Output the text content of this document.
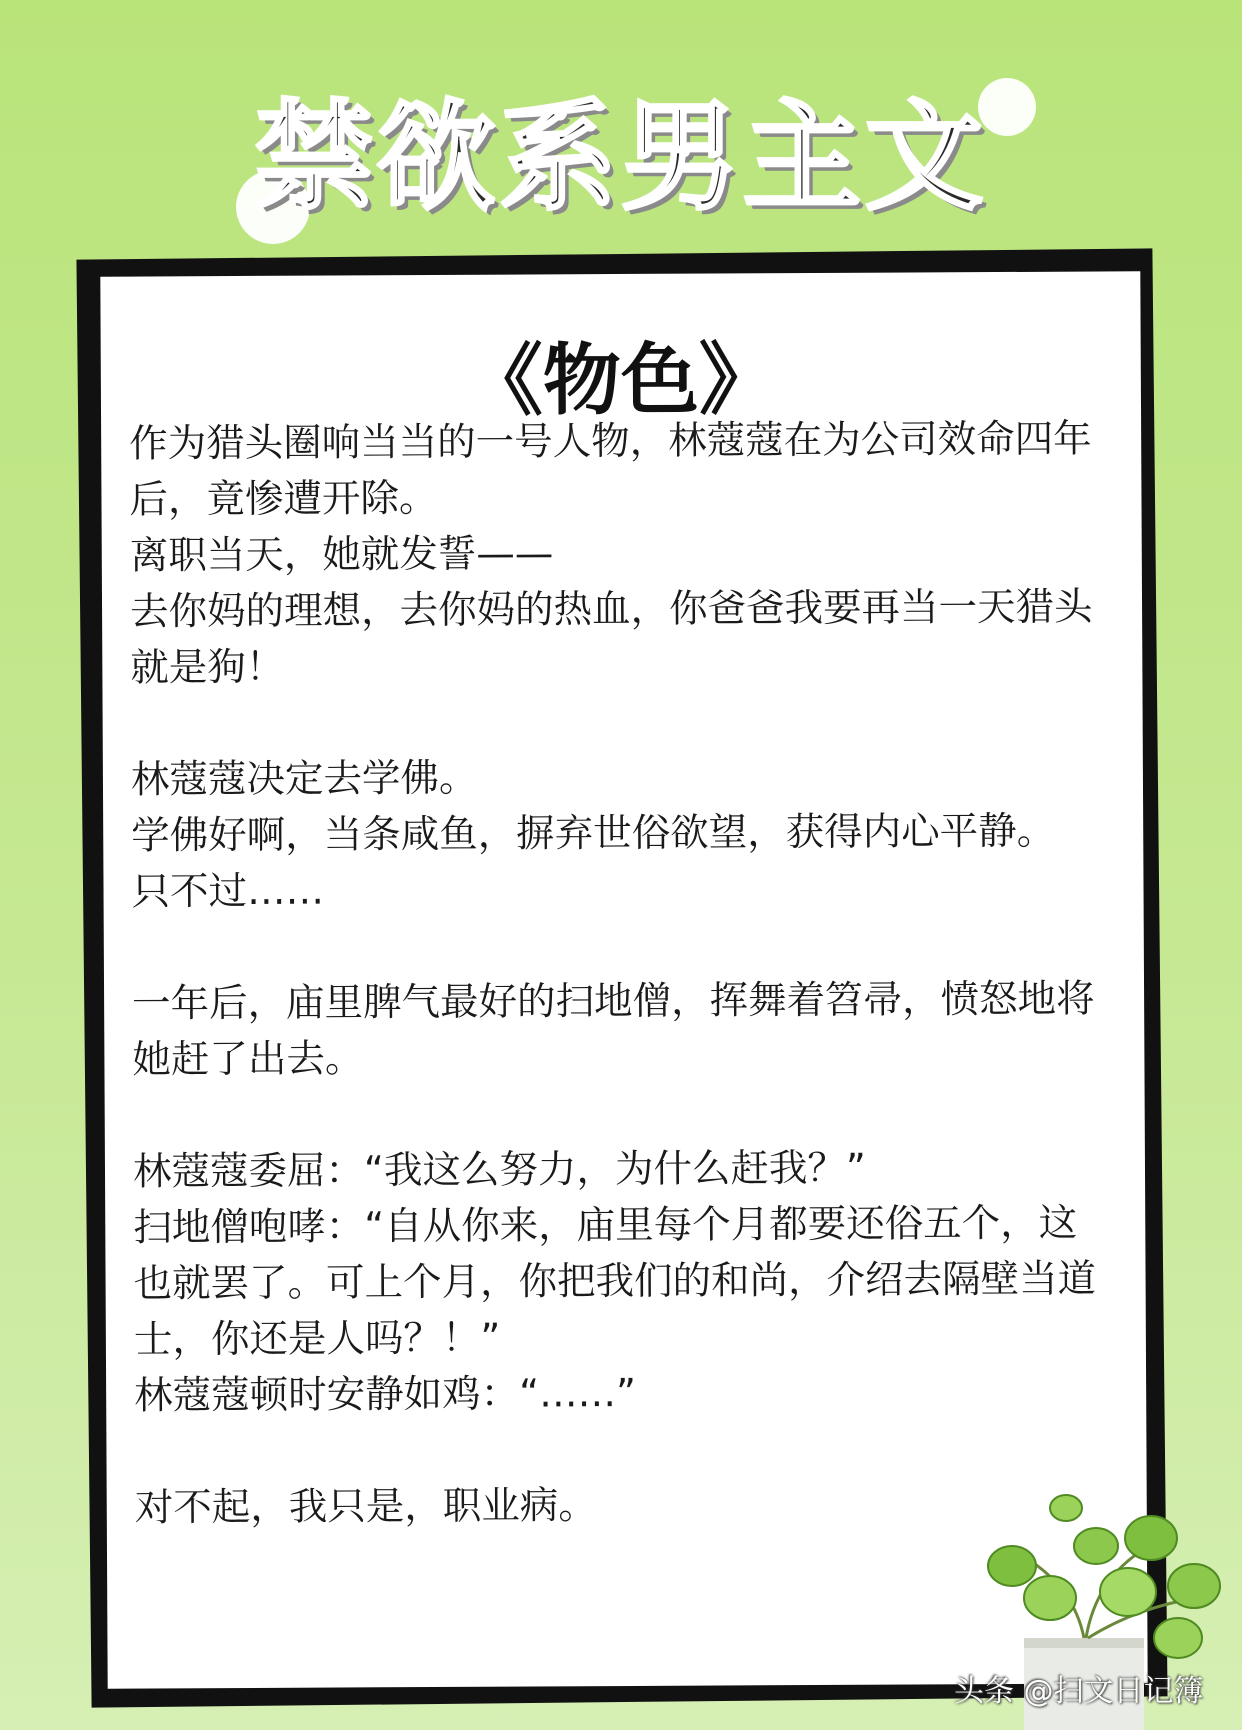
禁欲系男主文
《物色》

作为猎头圈响当当的一号人物，林蔻蔻在为公司效命四年后，竟惨遭开除。

离职当天，她就发誓——

去你妈的理想，去你妈的热血，你爸爸我要再当一天猎头就是狗！

林蔻蔻决定去学佛。

学佛好啊，当条咸鱼，摒弃世俗欲望，获得内心平静。

只不过……

一年后，庙里脾气最好的扫地僧，挥舞着笤帚，愤怒地将她赶了出去。

林蔻蔻委屈：“我这么努力，为什么赶我？”

扫地僧咆哮：“自从你来，庙里每个月都要还俗五个，这也就罢了。可上个月，你把我们的和尚，介绍去隔壁当道士，你还是人吗？！”

林蔻蔻顿时安静如鸡：“……”

对不起，我只是，职业病。

头条 @扫文日记簿
